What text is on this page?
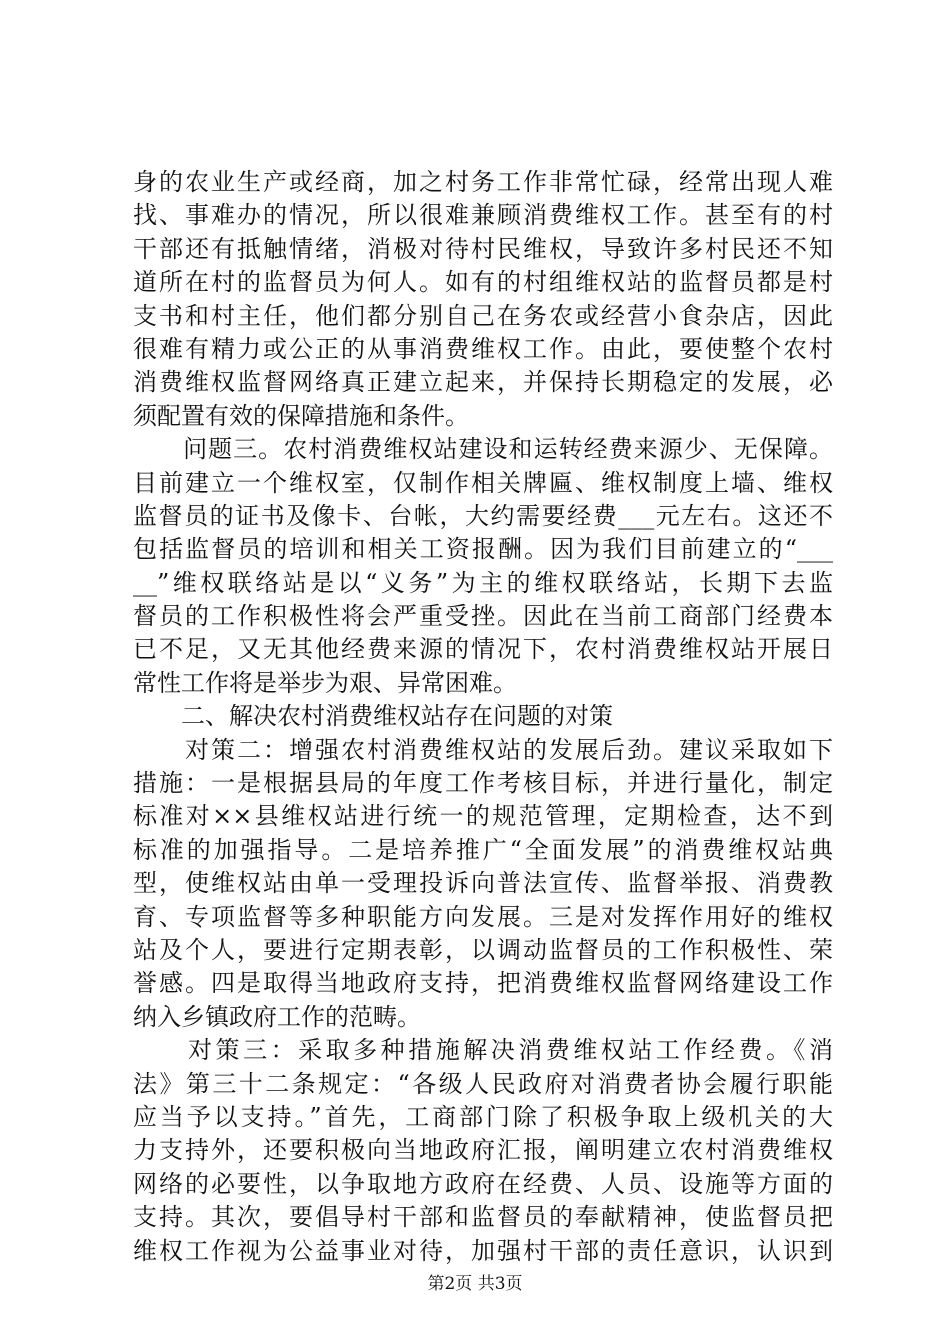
身的农业生产或经商，加之村务工作非常忙碌，经常出现人难
找、事难办的情况，所以很难兼顾消费维权工作。甚至有的村
干部还有抵触情绪，消极对待村民维权，导致许多村民还不知
道所在村的监督员为何人。如有的村组维权站的监督员都是村
支书和村主任，他们都分别自己在务农或经营小食杂店，因此
很难有精力或公正的从事消费维权工作。由此，要使整个农村
消费维权监督网络真正建立起来，并保持长期稳定的发展，必
须配置有效的保障措施和条件。
　　问题三。农村消费维权站建设和运转经费来源少、无保障。
目前建立一个维权室，仅制作相关牌匾、维权制度上墙、维权
监督员的证书及像卡、台帐，大约需要经费___元左右。这还不
包括监督员的培训和相关工资报酬。因为我们目前建立的“___
__”维权联络站是以“义务”为主的维权联络站，长期下去监
督员的工作积极性将会严重受挫。因此在当前工商部门经费本
已不足，又无其他经费来源的情况下，农村消费维权站开展日
常性工作将是举步为艰、异常困难。
　　二、解决农村消费维权站存在问题的对策
　　对策二：增强农村消费维权站的发展后劲。建议采取如下
措施：一是根据县局的年度工作考核目标，并进行量化，制定
标准对××县维权站进行统一的规范管理，定期检查，达不到
标准的加强指导。二是培养推广“全面发展”的消费维权站典
型，使维权站由单一受理投诉向普法宣传、监督举报、消费教
育、专项监督等多种职能方向发展。三是对发挥作用好的维权
站及个人，要进行定期表彰，以调动监督员的工作积极性、荣
誉感。四是取得当地政府支持，把消费维权监督网络建设工作
纳入乡镇政府工作的范畴。
　　对策三：采取多种措施解决消费维权站工作经费。《消
法》第三十二条规定：“各级人民政府对消费者协会履行职能
应当予以支持。”首先，工商部门除了积极争取上级机关的大
力支持外，还要积极向当地政府汇报，阐明建立农村消费维权
网络的必要性，以争取地方政府在经费、人员、设施等方面的
支持。其次，要倡导村干部和监督员的奉献精神，使监督员把
维权工作视为公益事业对待，加强村干部的责任意识，认识到
第2页 共3页
